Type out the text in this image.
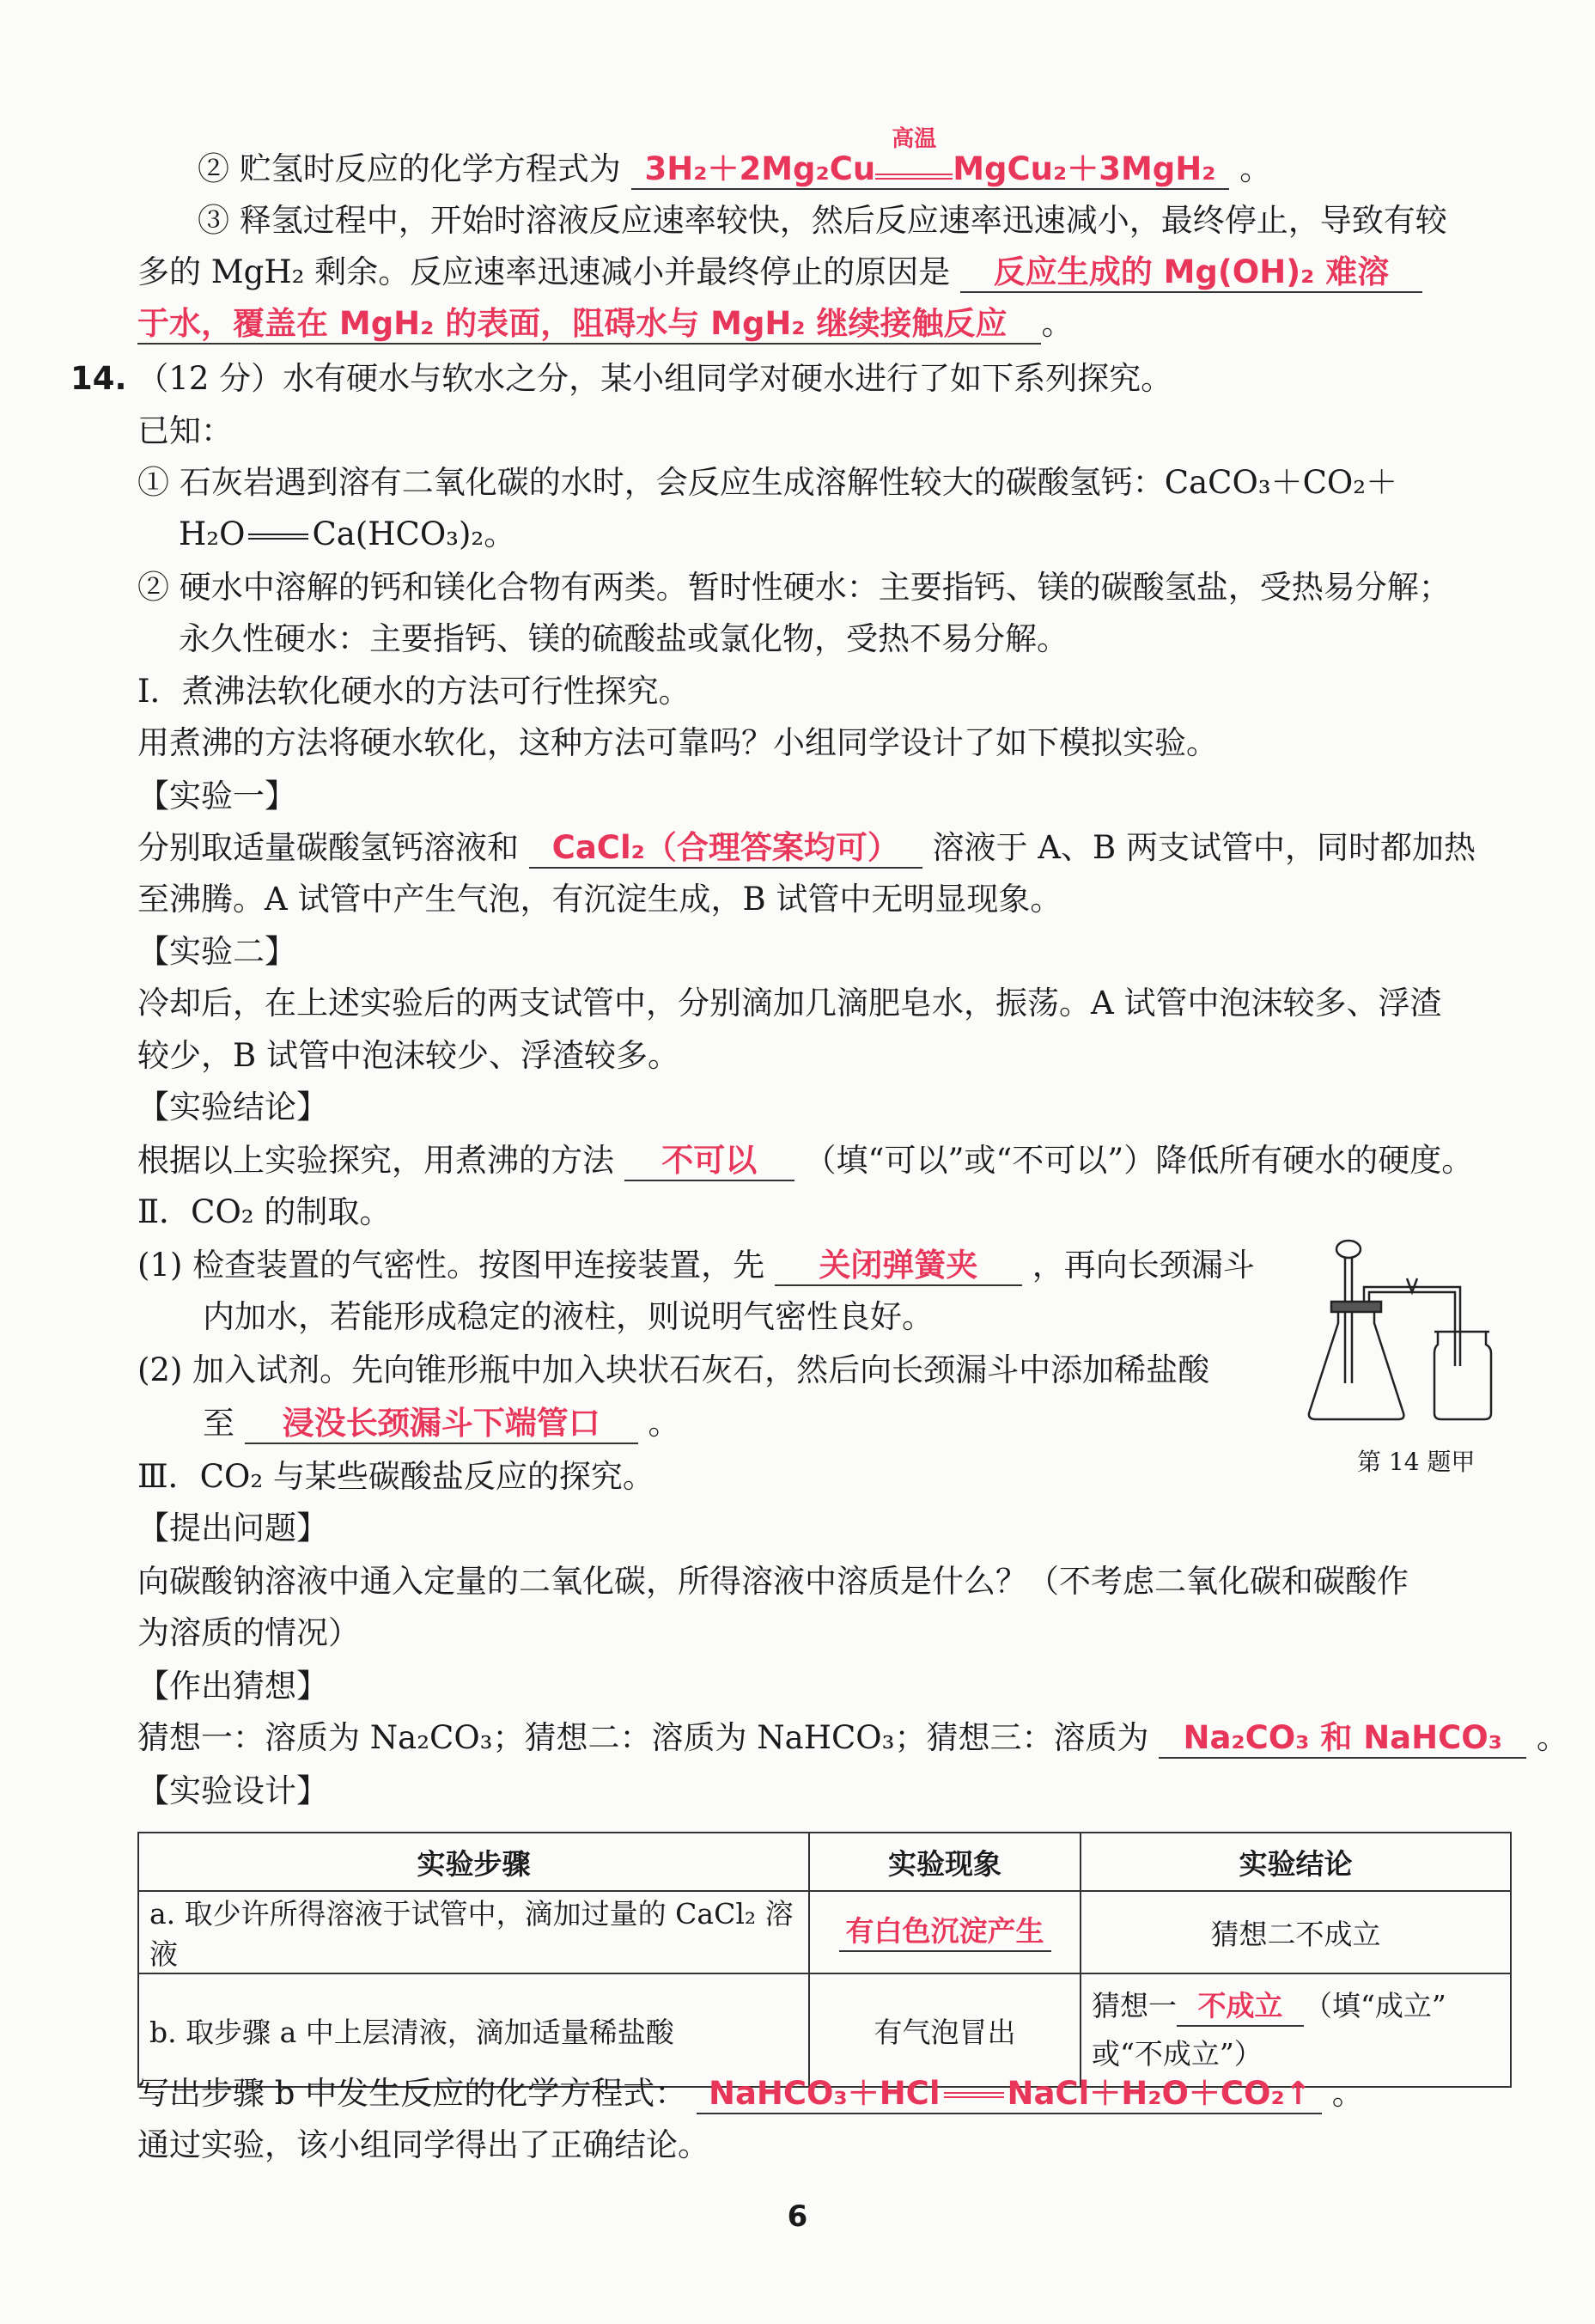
② 贮氢时反应的化学方程式为 3H₂＋2Mg₂Cu
高温
MgCu₂＋3MgH₂ 。
③ 释氢过程中，开始时溶液反应速率较快，然后反应速率迅速减小，最终停止，导致有较
多的 MgH₂ 剩余。反应速率迅速减小并最终停止的原因是 反应生成的 Mg(OH)₂ 难溶
于水，覆盖在 MgH₂ 的表面，阻碍水与 MgH₂ 继续接触反应 。
14. （12 分）水有硬水与软水之分，某小组同学对硬水进行了如下系列探究。
已知：
① 石灰岩遇到溶有二氧化碳的水时，会反应生成溶解性较大的碳酸氢钙：CaCO₃＋CO₂＋
H₂O Ca(HCO₃)₂。
② 硬水中溶解的钙和镁化合物有两类。暂时性硬水：主要指钙、镁的碳酸氢盐，受热易分解；
永久性硬水：主要指钙、镁的硫酸盐或氯化物，受热不易分解。
Ⅰ．煮沸法软化硬水的方法可行性探究。
用煮沸的方法将硬水软化，这种方法可靠吗？小组同学设计了如下模拟实验。
【实验一】
分别取适量碳酸氢钙溶液和 CaCl₂（合理答案均可） 溶液于 A、B 两支试管中，同时都加热
至沸腾。A 试管中产生气泡，有沉淀生成，B 试管中无明显现象。
【实验二】
冷却后，在上述实验后的两支试管中，分别滴加几滴肥皂水，振荡。A 试管中泡沫较多、浮渣
较少，B 试管中泡沫较少、浮渣较多。
【实验结论】
根据以上实验探究，用煮沸的方法 不可以 （填“可以”或“不可以”）降低所有硬水的硬度。
Ⅱ．CO₂ 的制取。
(1) 检查装置的气密性。按图甲连接装置，先 关闭弹簧夹 ，再向长颈漏斗
内加水，若能形成稳定的液柱，则说明气密性良好。
(2) 加入试剂。先向锥形瓶中加入块状石灰石，然后向长颈漏斗中添加稀盐酸
至 浸没长颈漏斗下端管口 。
第 14 题甲
Ⅲ．CO₂ 与某些碳酸盐反应的探究。
【提出问题】
向碳酸钠溶液中通入定量的二氧化碳，所得溶液中溶质是什么？（不考虑二氧化碳和碳酸作
为溶质的情况）
【作出猜想】
猜想一：溶质为 Na₂CO₃；猜想二：溶质为 NaHCO₃；猜想三：溶质为 Na₂CO₃ 和 NaHCO₃ 。
【实验设计】
实验步骤	实验现象	实验结论
a. 取少许所得溶液于试管中，滴加过量的 CaCl₂ 溶液	有白色沉淀产生	猜想二不成立
b. 取步骤 a 中上层清液，滴加适量稀盐酸	有气泡冒出	猜想一 不成立 （填“成立”
或“不成立”）
写出步骤 b 中发生反应的化学方程式： NaHCO₃＋HCl NaCl＋H₂O＋CO₂↑ 。
通过实验，该小组同学得出了正确结论。
6
